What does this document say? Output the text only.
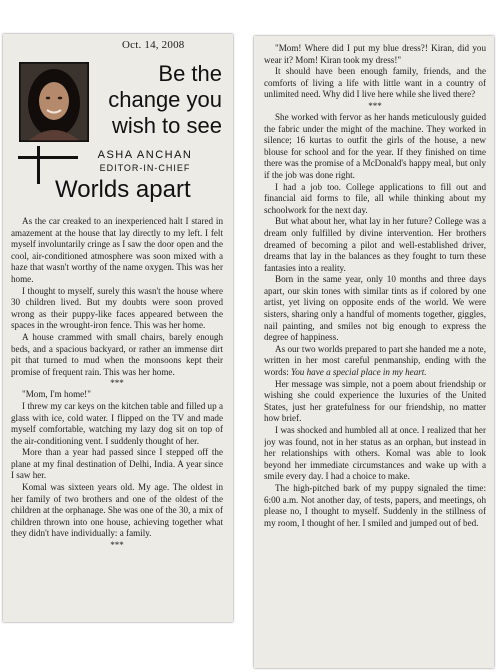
Oct. 14, 2008
Be the
change you
wish to see
ASHA ANCHAN
EDITOR-IN-CHIEF
Worlds apart

As the car creaked to an inexperienced halt I stared in amazement at the house that lay directly to my left. I felt myself involuntarily cringe as I saw the door open and the cool, air-conditioned atmosphere was soon mixed with a haze that wasn't worthy of the name oxygen. This was her home.

I thought to myself, surely this wasn't the house where 30 children lived. But my doubts were soon proved wrong as their puppy-like faces appeared between the spaces in the wrought-iron fence. This was her home.

A house crammed with small chairs, barely enough beds, and a spacious backyard, or rather an immense dirt pit that turned to mud when the monsoons kept their promise of frequent rain. This was her home.

***

"Mom, I'm home!"

I threw my car keys on the kitchen table and filled up a glass with ice, cold water. I flipped on the TV and made myself comfortable, watching my lazy dog sit on top of the air-conditioning vent. I suddenly thought of her.

More than a year had passed since I stepped off the plane at my final destination of Delhi, India. A year since I saw her.

Komal was sixteen years old. My age. The oldest in her family of two brothers and one of the oldest of the children at the orphanage. She was one of the 30, a mix of children thrown into one house, achieving together what they didn't have individually: a family.

***

"Mom! Where did I put my blue dress?! Kiran, did you wear it? Mom! Kiran took my dress!"

It should have been enough family, friends, and the comforts of living a life with little want in a country of unlimited need. Why did I live here while she lived there?

***

She worked with fervor as her hands meticulously guided the fabric under the might of the machine. They worked in silence; 16 kurtas to outfit the girls of the house, a new blouse for school and for the year. If they finished on time there was the promise of a McDonald's happy meal, but only if the job was done right.

I had a job too. College applications to fill out and financial aid forms to file, all while thinking about my schoolwork for the next day.

But what about her, what lay in her future? College was a dream only fulfilled by divine intervention. Her brothers dreamed of becoming a pilot and well-established driver, dreams that lay in the balances as they fought to turn these fantasies into a reality.

Born in the same year, only 10 months and three days apart, our skin tones with similar tints as if colored by one artist, yet living on opposite ends of the world. We were sisters, sharing only a handful of moments together, giggles, nail painting, and smiles not big enough to express the degree of happiness.

As our two worlds prepared to part she handed me a note, written in her most careful penmanship, ending with the words: You have a special place in my heart.

Her message was simple, not a poem about friendship or wishing she could experience the luxuries of the United States, just her gratefulness for our friendship, no matter how brief.

I was shocked and humbled all at once. I realized that her joy was found, not in her status as an orphan, but instead in her relationships with others. Komal was able to look beyond her immediate circumstances and wake up with a smile every day. I had a choice to make.

The high-pitched bark of my puppy signaled the time: 6:00 a.m. Not another day, of tests, papers, and meetings, oh please no, I thought to myself. Suddenly in the stillness of my room, I thought of her. I smiled and jumped out of bed.
